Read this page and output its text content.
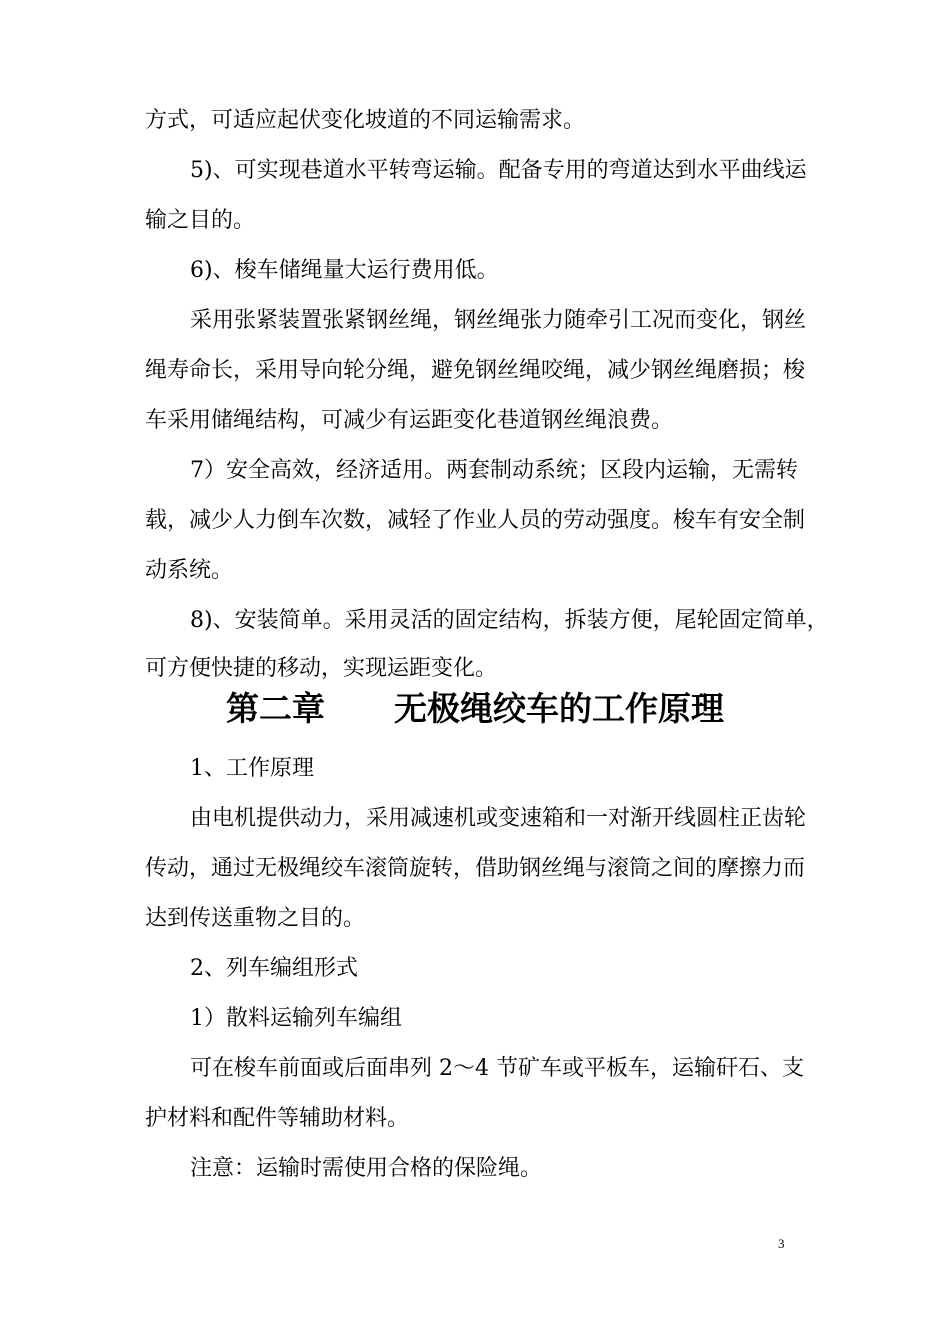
方式，可适应起伏变化坡道的不同运输需求。
5)、可实现巷道水平转弯运输。配备专用的弯道达到水平曲线运
输之目的。
6)、梭车储绳量大运行费用低。
采用张紧装置张紧钢丝绳，钢丝绳张力随牵引工况而变化，钢丝
绳寿命长，采用导向轮分绳，避免钢丝绳咬绳，减少钢丝绳磨损；梭
车采用储绳结构，可减少有运距变化巷道钢丝绳浪费。
7）安全高效，经济适用。两套制动系统；区段内运输，无需转
载，减少人力倒车次数，减轻了作业人员的劳动强度。梭车有安全制
动系统。
8)、安装简单。采用灵活的固定结构，拆装方便，尾轮固定简单，
可方便快捷的移动，实现运距变化。
第二章      无极绳绞车的工作原理
1、工作原理
由电机提供动力，采用减速机或变速箱和一对渐开线圆柱正齿轮
传动，通过无极绳绞车滚筒旋转，借助钢丝绳与滚筒之间的摩擦力而
达到传送重物之目的。
2、列车编组形式
1）散料运输列车编组
可在梭车前面或后面串列 2～4 节矿车或平板车，运输矸石、支
护材料和配件等辅助材料。
注意：运输时需使用合格的保险绳。
3
